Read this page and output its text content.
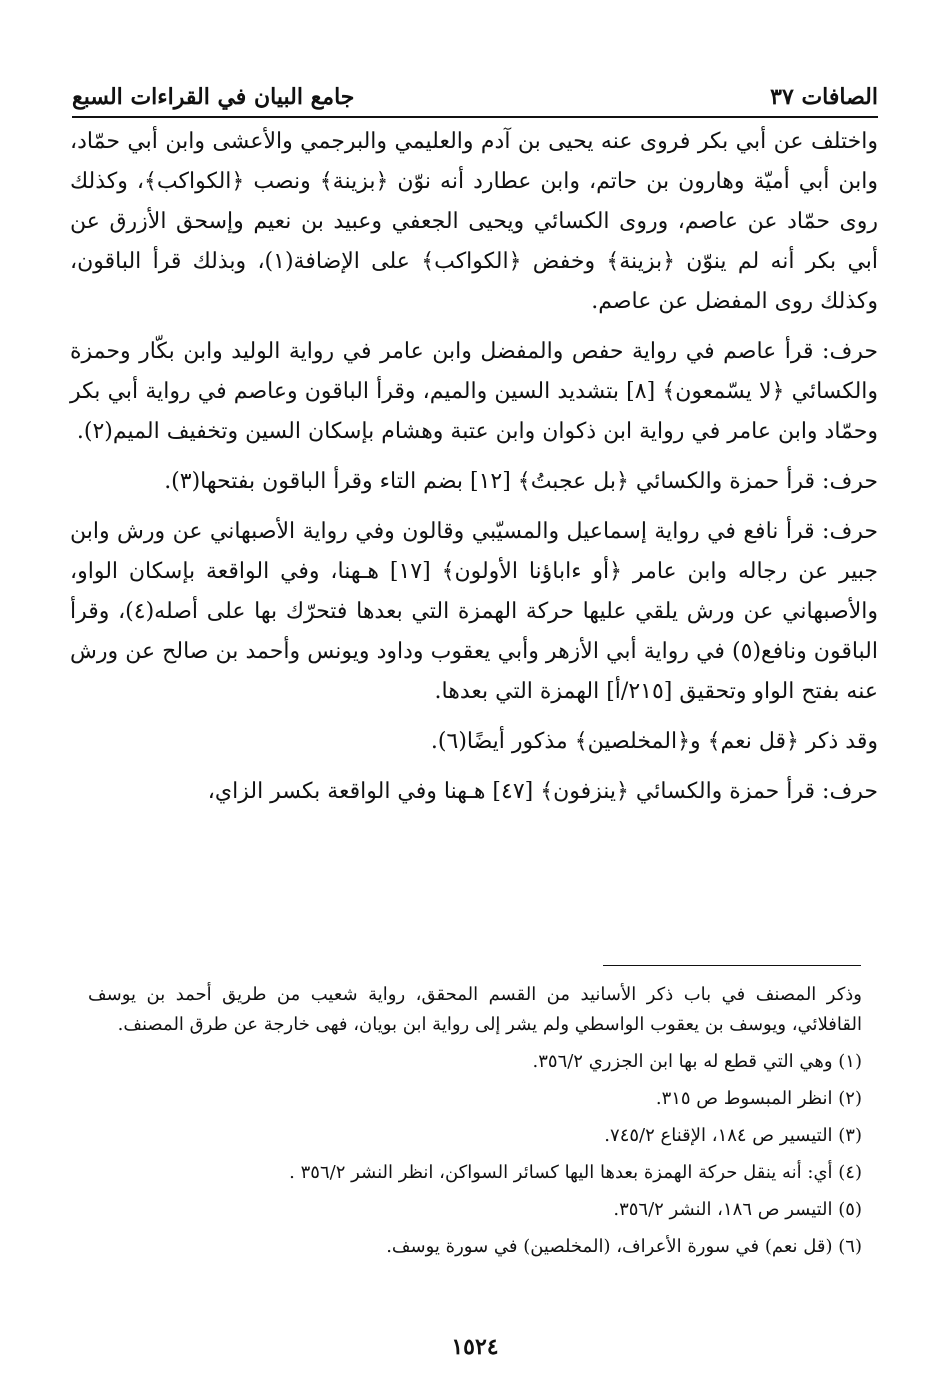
الصافات ٣٧
جامع البيان في القراءات السبع

واختلف عن أبي بكر فروى عنه يحيى بن آدم والعليمي والبرجمي والأعشى وابن أبي حمّاد، وابن أبي أميّة وهارون بن حاتم، وابن عطارد أنه نوّن ﴿بزينة﴾ ونصب ﴿الكواكب﴾، وكذلك روى حمّاد عن عاصم، وروى الكسائي ويحيى الجعفي وعبيد بن نعيم وإسحق الأزرق عن أبي بكر أنه لم ينوّن ﴿بزينة﴾ وخفض ﴿الكواكب﴾ على الإضافة(١)، وبذلك قرأ الباقون، وكذلك روى المفضل عن عاصم.

حرف: قرأ عاصم في رواية حفص والمفضل وابن عامر في رواية الوليد وابن بكّار وحمزة والكسائي ﴿لا يسّمعون﴾ [٨] بتشديد السين والميم، وقرأ الباقون وعاصم في رواية أبي بكر وحمّاد وابن عامر في رواية ابن ذكوان وابن عتبة وهشام بإسكان السين وتخفيف الميم(٢).

حرف: قرأ حمزة والكسائي ﴿بل عجبتُ﴾ [١٢] بضم التاء وقرأ الباقون بفتحها(٣).

حرف: قرأ نافع في رواية إسماعيل والمسيّبي وقالون وفي رواية الأصبهاني عن ورش وابن جبير عن رجاله وابن عامر ﴿أو ءاباؤنا الأولون﴾ [١٧] هـهنا، وفي الواقعة بإسكان الواو، والأصبهاني عن ورش يلقي عليها حركة الهمزة التي بعدها فتحرّك بها على أصله(٤)، وقرأ الباقون ونافع(٥) في رواية أبي الأزهر وأبي يعقوب وداود ويونس وأحمد بن صالح عن ورش عنه بفتح الواو وتحقيق [٢١٥/أ] الهمزة التي بعدها.

وقد ذكر ﴿قل نعم﴾ و﴿المخلصين﴾ مذكور أيضًا(٦).

حرف: قرأ حمزة والكسائي ﴿ينزفون﴾ [٤٧] هـهنا وفي الواقعة بكسر الزاي،

وذكر المصنف في باب ذكر الأسانيد من القسم المحقق، رواية شعيب من طريق أحمد بن يوسف القافلائي، ويوسف بن يعقوب الواسطي ولم يشر إلى رواية ابن بويان، فهى خارجة عن طرق المصنف.

(١) وهي التي قطع له بها ابن الجزري ٣٥٦/٢.

(٢) انظر المبسوط ص ٣١٥.

(٣) التيسير ص ١٨٤، الإقناع ٧٤٥/٢.

(٤) أي: أنه ينقل حركة الهمزة بعدها اليها كسائر السواكن، انظر النشر ٣٥٦/٢ .

(٥) التيسر ص ١٨٦، النشر ٣٥٦/٢.

(٦) (قل نعم) في سورة الأعراف، (المخلصين) في سورة يوسف.

١٥٢٤
